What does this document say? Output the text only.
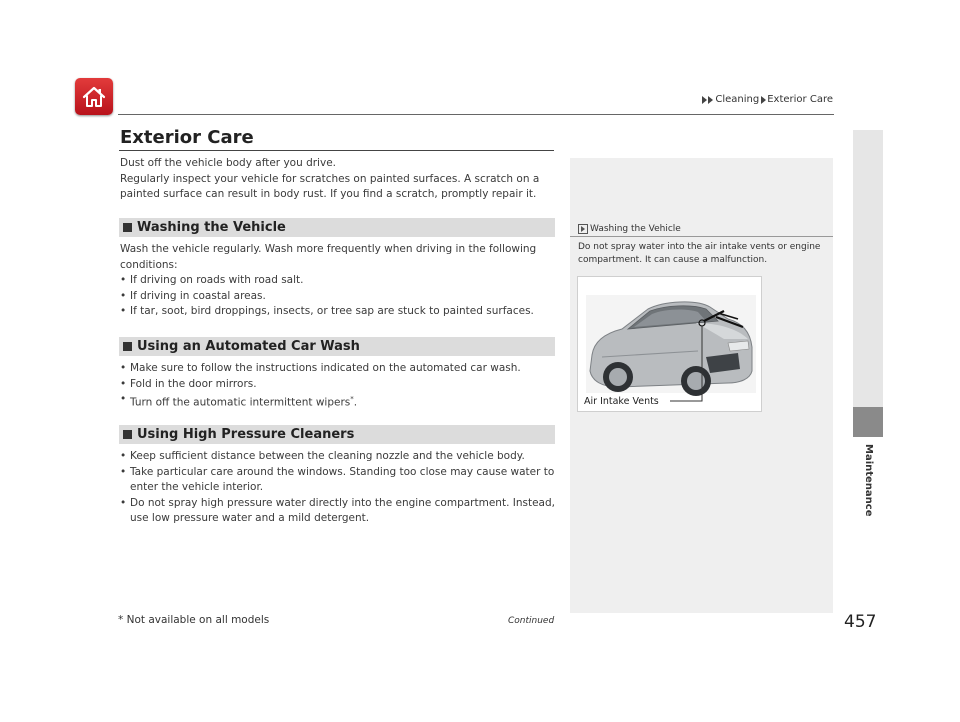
Cleaning Exterior Care
Maintenance
Exterior Care
Dust off the vehicle body after you drive.
Regularly inspect your vehicle for scratches on painted surfaces. A scratch on a painted surface can result in body rust. If you find a scratch, promptly repair it.
Washing the Vehicle
Wash the vehicle regularly. Wash more frequently when driving in the following conditions:
• If driving on roads with road salt.
• If driving in coastal areas.
• If tar, soot, bird droppings, insects, or tree sap are stuck to painted surfaces.
Using an Automated Car Wash
• Make sure to follow the instructions indicated on the automated car wash.
• Fold in the door mirrors.
• Turn off the automatic intermittent wipers*.
Using High Pressure Cleaners
• Keep sufficient distance between the cleaning nozzle and the vehicle body.
• Take particular care around the windows. Standing too close may cause water to enter the vehicle interior.
• Do not spray high pressure water directly into the engine compartment. Instead, use low pressure water and a mild detergent.
Washing the Vehicle
Do not spray water into the air intake vents or engine compartment. It can cause a malfunction.
Air Intake Vents
* Not available on all models	Continued	457
